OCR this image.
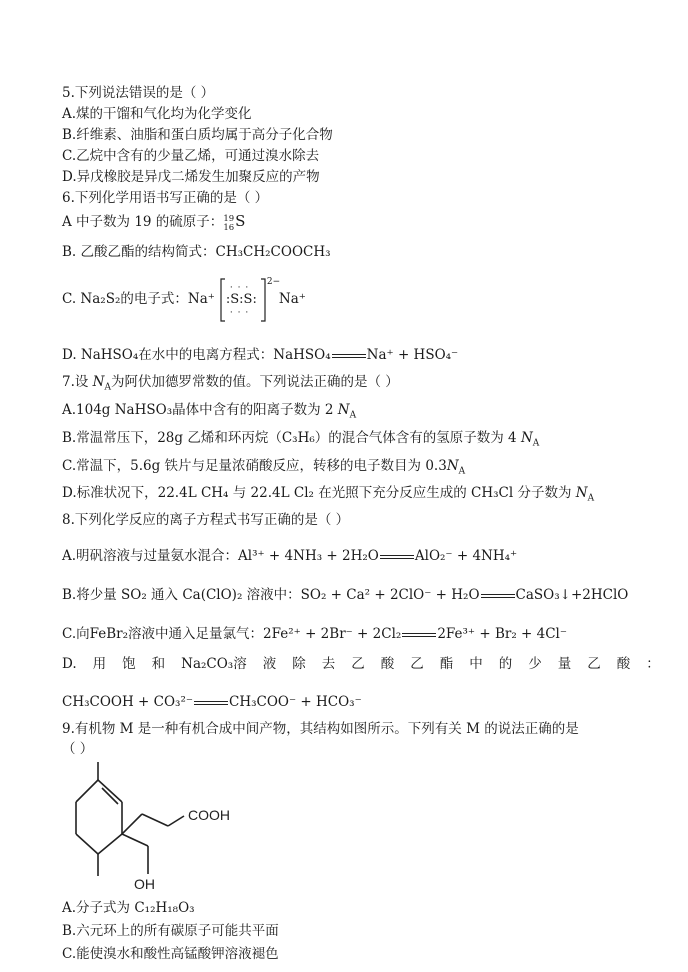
5.下列说法错误的是（ ）
A.煤的干馏和气化均为化学变化
B.纤维素、油脂和蛋白质均属于高分子化合物
C.乙烷中含有的少量乙烯，可通过溴水除去
D.异戊橡胶是异戊二烯发生加聚反应的产物
6.下列化学用语书写正确的是（ ）
A 中子数为 19 的硫原子： 19
16 S
B. 乙酸乙酯的结构简式：CH₃CH₂COOCH₃
C. Na₂S₂的电子式：Na⁺
· · ·
:S:S:
· · ·
2−
Na⁺
D. NaHSO₄在水中的电离方程式：NaHSO₄	Na⁺ + HSO₄⁻
7.设 $N_A$为阿伏加德罗常数的值。下列说法正确的是（ ）
A.104g NaHSO₃晶体中含有的阳离子数为 2 $N_A$
B.常温常压下，28g 乙烯和环丙烷（C₃H₆）的混合气体含有的氢原子数为 4 $N_A$
C.常温下，5.6g 铁片与足量浓硝酸反应，转移的电子数目为 $0.3N_A$
D.标准状况下，22.4L CH₄ 与 22.4L Cl₂ 在光照下充分反应生成的 CH₃Cl 分子数为 $N_A$
8.下列化学反应的离子方程式书写正确的是（ ）
A.明矾溶液与过量氨水混合：Al³⁺ + 4NH₃ + 2H₂O	AlO₂⁻ + 4NH₄⁺
B.将少量 SO₂ 通入 Ca(ClO)₂ 溶液中：SO₂ + Ca² + 2ClO⁻ + H₂O	CaSO₃↓+2HClO
C.向FeBr₂溶液中通入足量氯气：2Fe²⁺ + 2Br⁻ + 2Cl₂	2Fe³⁺ + Br₂ + 4Cl⁻
D. 用 饱 和 Na₂CO₃溶 液 除 去 乙 酸 乙 酯 中 的 少 量 乙 酸 ：
CH₃COOH + CO₃²⁻	CH₃COO⁻ + HCO₃⁻
9.有机物 M 是一种有机合成中间产物，其结构如图所示。下列有关 M 的说法正确的是
（ ）
COOH
OH
A.分子式为 C₁₂H₁₈O₃
B.六元环上的所有碳原子可能共平面
C.能使溴水和酸性高锰酸钾溶液褪色
